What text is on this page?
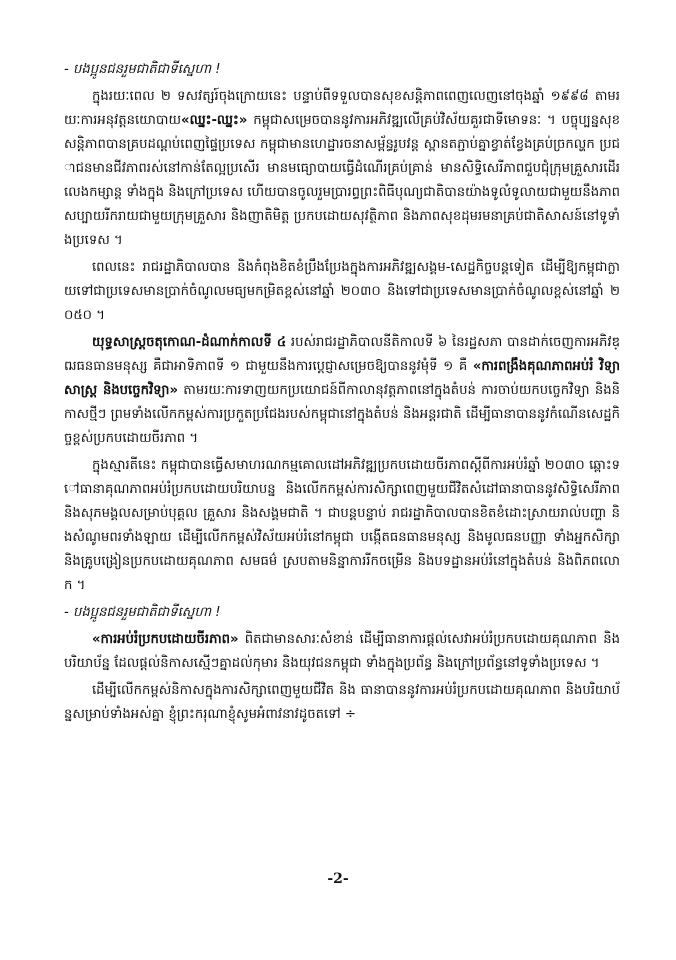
- បងប្អូនជនរួមជាតិជាទីស្នេហា !

ក្នុងរយៈពេល ២ ទសវត្សរ៍ចុងក្រោយនេះ បន្ទាប់ពីទទួលបានសុខសន្តិភាពពេញលេញនៅចុងឆ្នាំ ១៩៩៨ តាមរយៈការអនុវត្តនយោបាយ«ឈ្នះ-ឈ្នះ» កម្ពុជាសម្រេចបាននូវការអភិវឌ្ឍលើគ្រប់វិស័យគួរជាទីមោទនៈ ។ បច្ចុប្បន្នសុខសន្តិភាពបានគ្របដណ្តប់ពេញផ្ទៃប្រទេស កម្ពុជាមានហេដ្ឋារចនាសម្ព័ន្ធរូបវន្ត ស្ពានតភ្ជាប់គ្នាខ្វាត់ខ្វែងគ្រប់ច្រកល្ហក ប្រជាជនមានជីវភាពរស់នៅកាន់តែល្អប្រសើរ មានមធ្យោបាយធ្វើដំណើរគ្រប់គ្រាន់ មានសិទ្ធិសេរីភាពជួបជុំក្រុមគ្រួសារដើរលេងកម្សាន្ត ទាំងក្នុង និងក្រៅប្រទេស ហើយបានចូលរួមប្រារព្ធព្រះពិធីបុណ្យជាតិបានយ៉ាងទូលំទូលាយជាមួយនឹងភាពសប្បាយរីករាយជាមួយក្រុមគ្រួសារ និងញាតិមិត្ត ប្រកបដោយសុវត្ថិភាព និងភាពសុខដុមរមនាគ្រប់ជាតិសាសន៍នៅទូទាំងប្រទេស ។

ពេលនេះ រាជរដ្ឋាភិបាលបាន និងកំពុងខិតខំប្រឹងប្រែងក្នុងការអភិវឌ្ឍសង្គម-សេដ្ឋកិច្ចបន្តទៀត ដើម្បីឱ្យកម្ពុជាក្លាយទៅជាប្រទេសមានប្រាក់ចំណូលមធ្យមកម្រិតខ្ពស់នៅឆ្នាំ ២០៣០ និងទៅជាប្រទេសមានប្រាក់ចំណូលខ្ពស់នៅឆ្នាំ ២០៥០ ។

យុទ្ធសាស្ត្រចតុកោណ-ដំណាក់កាលទី ៤ របស់រាជរដ្ឋាភិបាលនីតិកាលទី ៦ នៃរដ្ឋសភា បានដាក់ចេញការអភិវឌ្ឍធនធានមនុស្ស គឺជាអាទិភាពទី ១ ជាមួយនឹងការប្តេជ្ញាសម្រេចឱ្យបាននូវមុំទី ១ គឺ «ការពង្រឹងគុណភាពអប់រំ វិទ្យាសាស្ត្រ និងបច្ចេកវិទ្យា» តាមរយៈការទាញយកប្រយោជន៍ពីកាលានុវត្តភាពនៅក្នុងតំបន់ ការចាប់យកបច្ចេកវិទ្យា និងនិកាសថ្មីៗ ព្រមទាំងលើកកម្ពស់ការប្រកួតប្រជែងរបស់កម្ពុជានៅក្នុងតំបន់ និងអន្តរជាតិ ដើម្បីធានាបាននូវកំណើនសេដ្ឋកិច្ចខ្ពស់ប្រកបដោយចីរភាព ។

ក្នុងស្មារតីនេះ កម្ពុជាបានធ្វើសមាហរណកម្មគោលដៅអភិវឌ្ឍប្រកបដោយចីរភាពស្តីពីការអប់រំឆ្នាំ ២០៣០ ឆ្ពោះទៅធានាគុណភាពអប់រំប្រកបដោយបរិយាបន្ន និងលើកកម្ពស់ការសិក្សាពេញមួយជីវិតសំដៅធានាបាននូវសិទ្ធិសេរីភាព និងសុភមង្គលសម្រាប់បុគ្គល គ្រួសារ និងសង្គមជាតិ ។ ជាបន្តបន្ទាប់ រាជរដ្ឋាភិបាលបានខិតខំដោះស្រាយរាល់បញ្ហា និងសំណូមពរទាំងឡាយ ដើម្បីលើកកម្ពស់វិស័យអប់រំនៅកម្ពុជា បង្កើតធនធានមនុស្ស និងមូលធនបញ្ញា ទាំងអ្នកសិក្សា និងគ្រូបង្រៀនប្រកបដោយគុណភាព សមធម៌ ស្របតាមនិន្នាការរីកចម្រើន និងបទដ្ឋានអប់រំនៅក្នុងតំបន់ និងពិភពលោក ។

- បងប្អូនជនរួមជាតិជាទីស្នេហា !

«ការអប់រំប្រកបដោយចីរភាព» ពិតជាមានសារៈសំខាន់ ដើម្បីធានាការផ្តល់សេវាអប់រំប្រកបដោយគុណភាព និងបរិយាប័ន្ន ដែលផ្តល់និកាសស្មើៗគ្នាដល់កុមារ និងយុវជនកម្ពុជា ទាំងក្នុងប្រព័ន្ធ និងក្រៅប្រព័ន្ធនៅទូទាំងប្រទេស ។

ដើម្បីលើកកម្ពស់និកាសក្នុងការសិក្សាពេញមួយជីវិត និង ធានាបាននូវការអប់រំប្រកបដោយគុណភាព និងបរិយាប័ន្នសម្រាប់ទាំងអស់គ្នា ខ្ញុំព្រះករុណាខ្ញុំសូមអំពាវនាវដូចតទៅ ÷

-2-
